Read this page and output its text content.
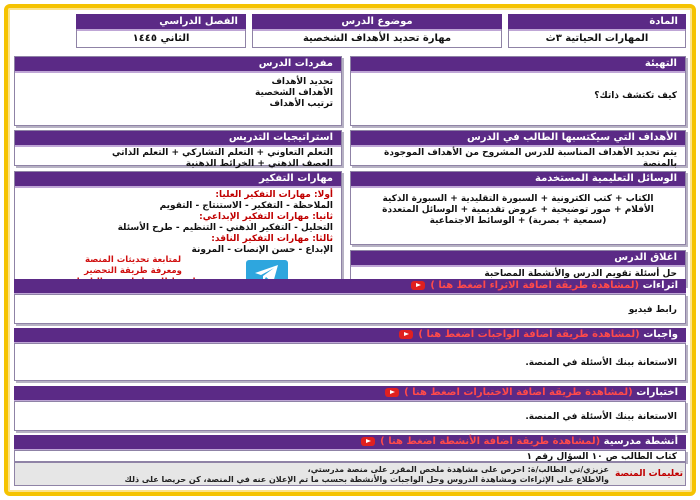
المادة
المهارات الحياتية ٣ث
موضوع الدرس
مهارة تحديد الأهداف الشخصية
الفصل الدراسي
الثاني ١٤٤٥
التهيئة
كيف تكتشف ذاتك؟
مفردات الدرس
تحديد الأهداف
الأهداف الشخصية
ترتيب الأهداف
الأهداف التي سيكتسبها الطالب في الدرس
يتم تحديد الأهداف المناسبة للدرس المشروح من الأهداف الموجودة بالمنصة
استراتيجيات التدريس
التعلم التعاوني + التعلم التشاركي + التعلم الذاتي
العصف الذهني + الخرائط الذهنية
الوسائل التعليمية المستخدمة
الكتاب + كتب الكترونية + السبورة التقليدية + السبورة الذكية
الأفلام + صور توضيحية + عروض تقديمية + الوسائل المتعددة
(سمعية + بصرية) + الوسائط الاجتماعية
مهارات التفكير
أولا: مهارات التفكير العليا:
الملاحظة - التفكير - الاستنتاج - التقويم
ثانيا: مهارات التفكير الإبداعي:
التحليل - التفكير الذهني - التنظيم - طرح الأسئلة
ثالثا: مهارات التفكير الناقد:
الإبداع - حسن الإنصات - المرونة
لمتابعة تحديثات المنصة
ومعرفة طريقة التحضير
اغلاق الدرس
حل أسئلة تقويم الدرس والأنشطة المصاحبة
اثراءات (لمشاهدة طريقة اضافة الاثراء اضغط هنا )
رابط فيديو
واجبات (لمشاهدة طريقة اضافة الواجبات اضغط هنا )
الاستعانة ببنك الأسئلة في المنصة.
اختبارات (لمشاهدة طريقة اضافة الاختبارات اضغط هنا )
الاستعانة ببنك الأسئلة في المنصة.
أنشطة مدرسية (لمشاهدة طريقة اضافة الأنشطة اضغط هنا )
كتاب الطالب ص ١٠ السؤال رقم ١
تعليمات المنصة
عزيزي/تي الطالب/ة: احرص على مشاهدة ملخص المقرر على منصة مدرستي،
والاطلاع على الإثراءات ومشاهدة الدروس وحل الواجبات والأنشطة بحسب ما تم الإعلان عنه في المنصة، كن حريصا على ذلك
